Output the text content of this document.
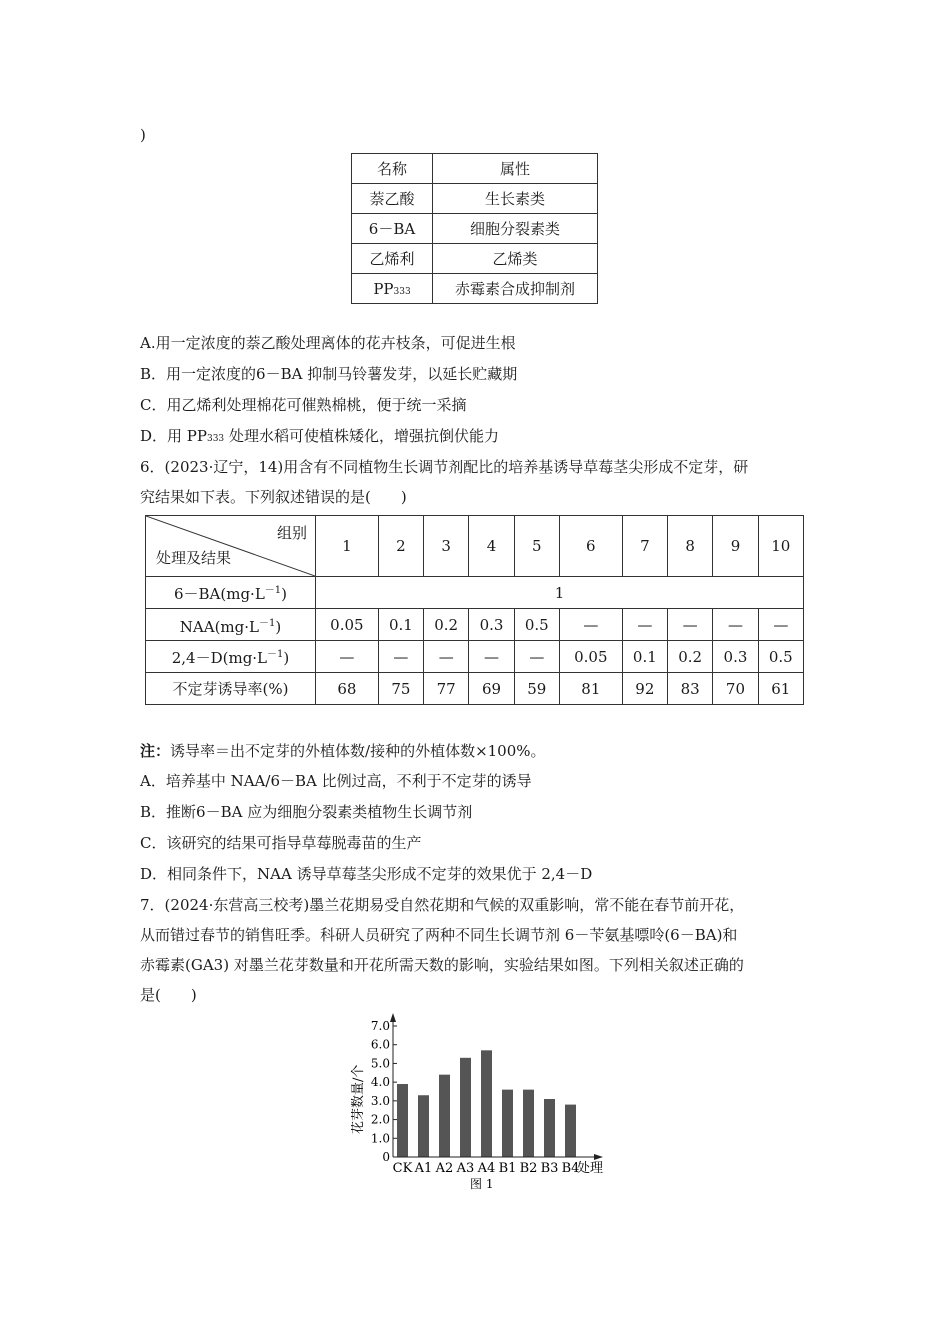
)
名称	属性
萘乙酸	生长素类
6－BA	细胞分裂素类
乙烯利	乙烯类
PP333	赤霉素合成抑制剂
A.用一定浓度的萘乙酸处理离体的花卉枝条，可促进生根
B．用一定浓度的6－BA 抑制马铃薯发芽，以延长贮藏期
C．用乙烯利处理棉花可催熟棉桃，便于统一采摘
D．用 PP333 处理水稻可使植株矮化，增强抗倒伏能力
6．(2023·辽宁，14)用含有不同植物生长调节剂配比的培养基诱导草莓茎尖形成不定芽，研
究结果如下表。下列叙述错误的是(　　)
组别
处理及结果	1	2	3	4	5	6	7	8	9	10
$6-BA(mg\cdot L^{-1})$	1									
$NAA(mg\cdot L^{-1})$	0.05	0.1	0.2	0.3	0.5	—	—	—	—	—
$2,4-D(mg\cdot L^{-1})$	—	—	—	—	—	0.05	0.1	0.2	0.3	0.5
不定芽诱导率(%)	68	75	77	69	59	81	92	83	70	61
注：诱导率＝出不定芽的外植体数/接种的外植体数×100%。
A．培养基中 NAA/6－BA 比例过高，不利于不定芽的诱导
B．推断6－BA 应为细胞分裂素类植物生长调节剂
C．该研究的结果可指导草莓脱毒苗的生产
D．相同条件下，NAA 诱导草莓茎尖形成不定芽的效果优于 2,4－D
7．(2024·东营高三校考)墨兰花期易受自然花期和气候的双重影响，常不能在春节前开花，
从而错过春节的销售旺季。科研人员研究了两种不同生长调节剂 6－苄氨基嘌呤(6－BA)和
赤霉素(GA3) 对墨兰花芽数量和开花所需天数的影响，实验结果如图。下列相关叙述正确的
是(　　)
0
1.0
2.0
3.0
4.0
5.0
6.0
7.0
CK A1 A2 A3 A4 B1 B2 B3 B4
处理
花芽数量/个
图 1
